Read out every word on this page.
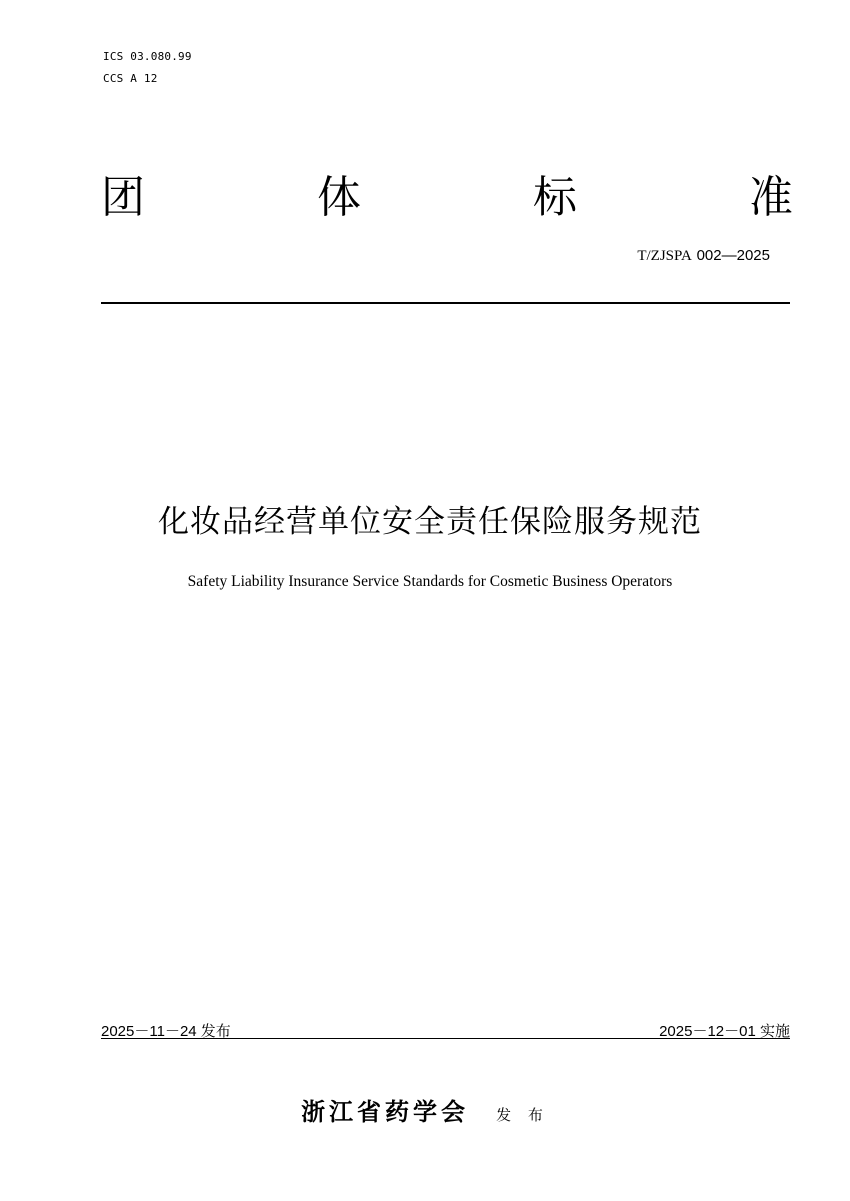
ICS 03.080.99
CCS A 12
团	体	标	准
T/ZJSPA 002—2025
化妆品经营单位安全责任保险服务规范
Safety Liability Insurance Service Standards for Cosmetic Business Operators
2025－11－24 发布	2025－12－01 实施
浙江省药学会 发 布
